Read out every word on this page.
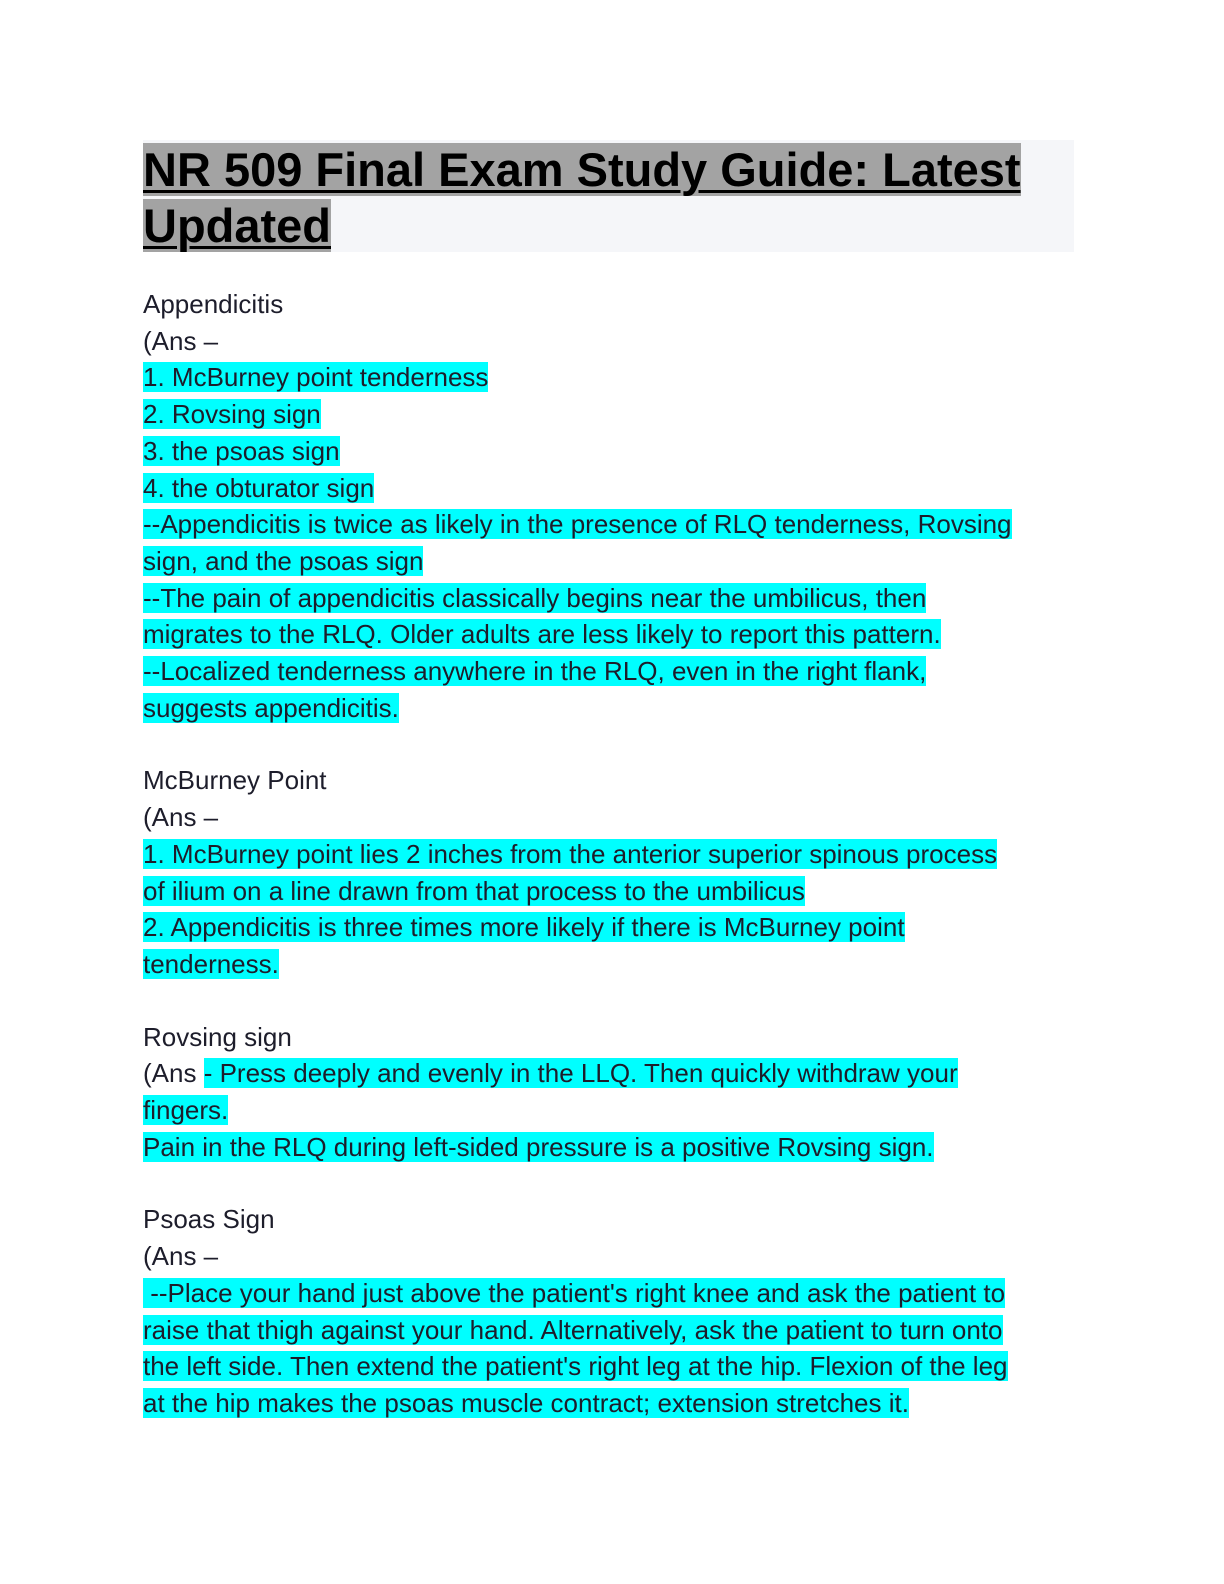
NR 509 Final Exam Study Guide: Latest
Updated
Appendicitis
(Ans –
1. McBurney point tenderness
2. Rovsing sign
3. the psoas sign
4. the obturator sign
--Appendicitis is twice as likely in the presence of RLQ tenderness, Rovsing
sign, and the psoas sign
--The pain of appendicitis classically begins near the umbilicus, then
migrates to the RLQ. Older adults are less likely to report this pattern.
--Localized tenderness anywhere in the RLQ, even in the right flank,
suggests appendicitis.
McBurney Point
(Ans –
1. McBurney point lies 2 inches from the anterior superior spinous process
of ilium on a line drawn from that process to the umbilicus
2. Appendicitis is three times more likely if there is McBurney point
tenderness.
Rovsing sign
(Ans - Press deeply and evenly in the LLQ. Then quickly withdraw your
fingers.
Pain in the RLQ during left-sided pressure is a positive Rovsing sign.
Psoas Sign
(Ans –
--Place your hand just above the patient's right knee and ask the patient to
raise that thigh against your hand. Alternatively, ask the patient to turn onto
the left side. Then extend the patient's right leg at the hip. Flexion of the leg
at the hip makes the psoas muscle contract; extension stretches it.
